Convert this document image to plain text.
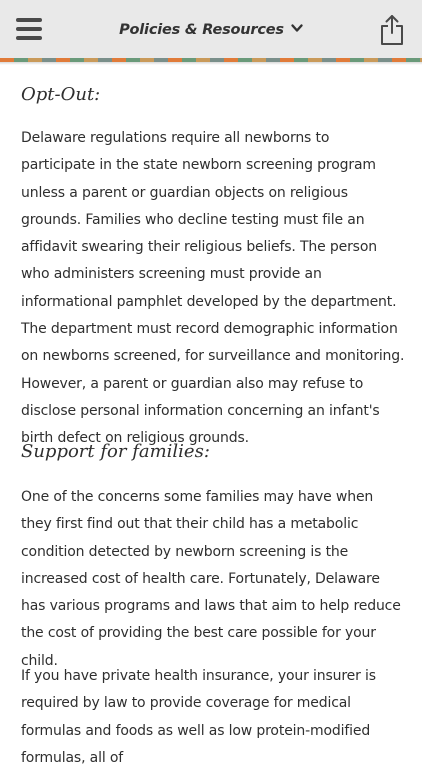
Policies & Resources
Opt-Out:

Delaware regulations require all newborns to participate in the state newborn screening program unless a parent or guardian objects on religious grounds. Families who decline testing must file an affidavit swearing their religious beliefs. The person who administers screening must provide an informational pamphlet developed by the department. The department must record demographic information on newborns screened, for surveillance and monitoring. However, a parent or guardian also may refuse to disclose personal information concerning an infant's birth defect on religious grounds.

Support for families:

One of the concerns some families may have when they first find out that their child has a metabolic condition detected by newborn screening is the increased cost of health care. Fortunately, Delaware has various programs and laws that aim to help reduce the cost of providing the best care possible for your child.

If you have private health insurance, your insurer is required by law to provide coverage for medical formulas and foods as well as low protein-modified formulas, all of
